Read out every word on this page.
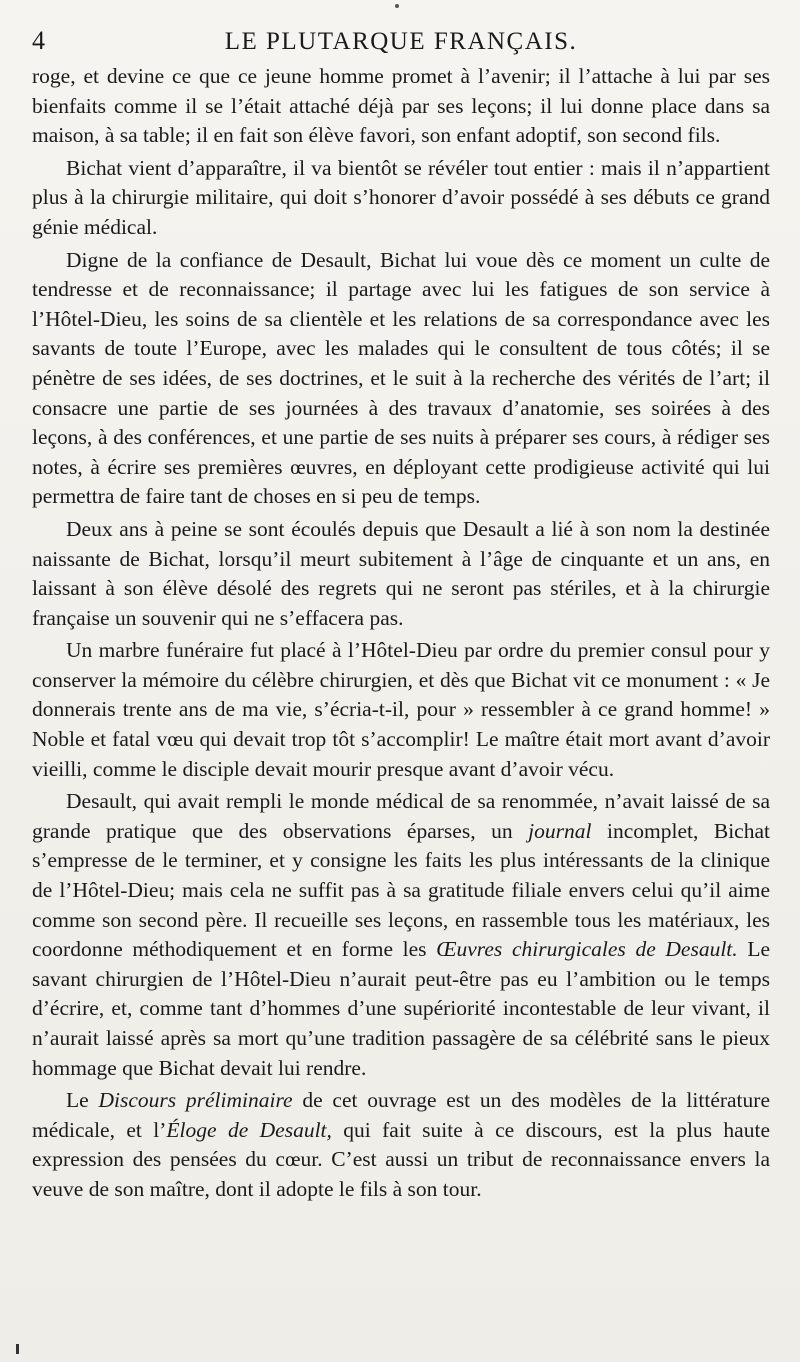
4	LE PLUTARQUE FRANÇAIS.

roge, et devine ce que ce jeune homme promet à l’avenir; il l’attache à lui par ses bienfaits comme il se l’était attaché déjà par ses leçons; il lui donne place dans sa maison, à sa table; il en fait son élève favori, son enfant adoptif, son second fils.

Bichat vient d’apparaître, il va bientôt se révéler tout entier : mais il n’appartient plus à la chirurgie militaire, qui doit s’honorer d’avoir possédé à ses débuts ce grand génie médical.

Digne de la confiance de Desault, Bichat lui voue dès ce moment un culte de tendresse et de reconnaissance; il partage avec lui les fatigues de son service à l’Hôtel-Dieu, les soins de sa clientèle et les relations de sa correspondance avec les savants de toute l’Europe, avec les malades qui le consultent de tous côtés; il se pénètre de ses idées, de ses doctrines, et le suit à la recherche des vérités de l’art; il consacre une partie de ses journées à des travaux d’anatomie, ses soirées à des leçons, à des conférences, et une partie de ses nuits à préparer ses cours, à rédiger ses notes, à écrire ses premières œuvres, en déployant cette prodigieuse activité qui lui permettra de faire tant de choses en si peu de temps.

Deux ans à peine se sont écoulés depuis que Desault a lié à son nom la destinée naissante de Bichat, lorsqu’il meurt subitement à l’âge de cinquante et un ans, en laissant à son élève désolé des regrets qui ne seront pas stériles, et à la chirurgie française un souvenir qui ne s’effacera pas.

Un marbre funéraire fut placé à l’Hôtel-Dieu par ordre du premier consul pour y conserver la mémoire du célèbre chirurgien, et dès que Bichat vit ce monument : « Je donnerais trente ans de ma vie, s’écria-t-il, pour » ressembler à ce grand homme! » Noble et fatal vœu qui devait trop tôt s’accomplir! Le maître était mort avant d’avoir vieilli, comme le disciple devait mourir presque avant d’avoir vécu.

Desault, qui avait rempli le monde médical de sa renommée, n’avait laissé de sa grande pratique que des observations éparses, un journal incomplet, Bichat s’empresse de le terminer, et y consigne les faits les plus intéressants de la clinique de l’Hôtel-Dieu; mais cela ne suffit pas à sa gratitude filiale envers celui qu’il aime comme son second père. Il recueille ses leçons, en rassemble tous les matériaux, les coordonne méthodiquement et en forme les Œuvres chirurgicales de Desault. Le savant chirurgien de l’Hôtel-Dieu n’aurait peut-être pas eu l’ambition ou le temps d’écrire, et, comme tant d’hommes d’une supériorité incontestable de leur vivant, il n’aurait laissé après sa mort qu’une tradition passagère de sa célébrité sans le pieux hommage que Bichat devait lui rendre.

Le Discours préliminaire de cet ouvrage est un des modèles de la littérature médicale, et l’Éloge de Desault, qui fait suite à ce discours, est la plus haute expression des pensées du cœur. C’est aussi un tribut de reconnaissance envers la veuve de son maître, dont il adopte le fils à son tour.
